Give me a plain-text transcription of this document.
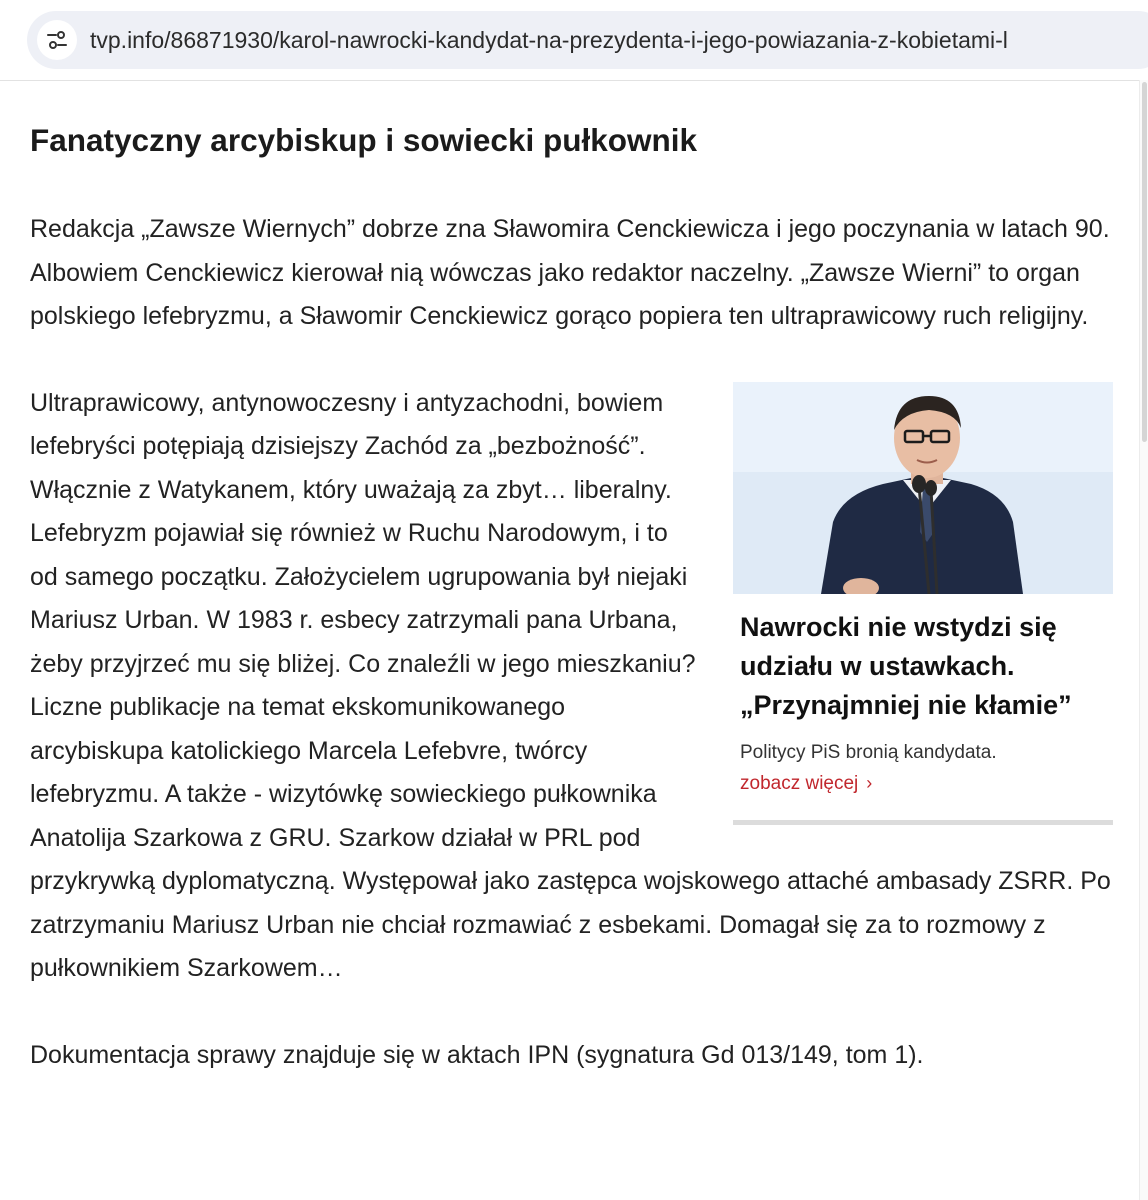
tvp.info/86871930/karol-nawrocki-kandydat-na-prezydenta-i-jego-powiazania-z-kobietami-l
Fanatyczny arcybiskup i sowiecki pułkownik

Redakcja „Zawsze Wiernych” dobrze zna Sławomira Cenckiewicza i jego poczynania w latach 90. Albowiem Cenckiewicz kierował nią wówczas jako redaktor naczelny. „Zawsze Wierni” to organ polskiego lefebryzmu, a Sławomir Cenckiewicz gorąco popiera ten ultraprawicowy ruch religijny.

Nawrocki nie wstydzi się udziału w ustawkach. „Przynajmniej nie kłamie”
Politycy PiS bronią kandydata.
zobacz więcej ›

Ultraprawicowy, antynowoczesny i antyzachodni, bowiem lefebryści potępiają dzisiejszy Zachód za „bezbożność”. Włącznie z Watykanem, który uważają za zbyt… liberalny. Lefebryzm pojawiał się również w Ruchu Narodowym, i to od samego początku. Założycielem ugrupowania był niejaki Mariusz Urban. W 1983 r. esbecy zatrzymali pana Urbana, żeby przyjrzeć mu się bliżej. Co znaleźli w jego mieszkaniu? Liczne publikacje na temat ekskomunikowanego arcybiskupa katolickiego Marcela Lefebvre, twórcy lefebryzmu. A także - wizytówkę sowieckiego pułkownika Anatolija Szarkowa z GRU. Szarkow działał w PRL pod przykrywką dyplomatyczną. Występował jako zastępca wojskowego attaché ambasady ZSRR. Po zatrzymaniu Mariusz Urban nie chciał rozmawiać z esbekami. Domagał się za to rozmowy z pułkownikiem Szarkowem…

Dokumentacja sprawy znajduje się w aktach IPN (sygnatura Gd 013/149, tom 1).
